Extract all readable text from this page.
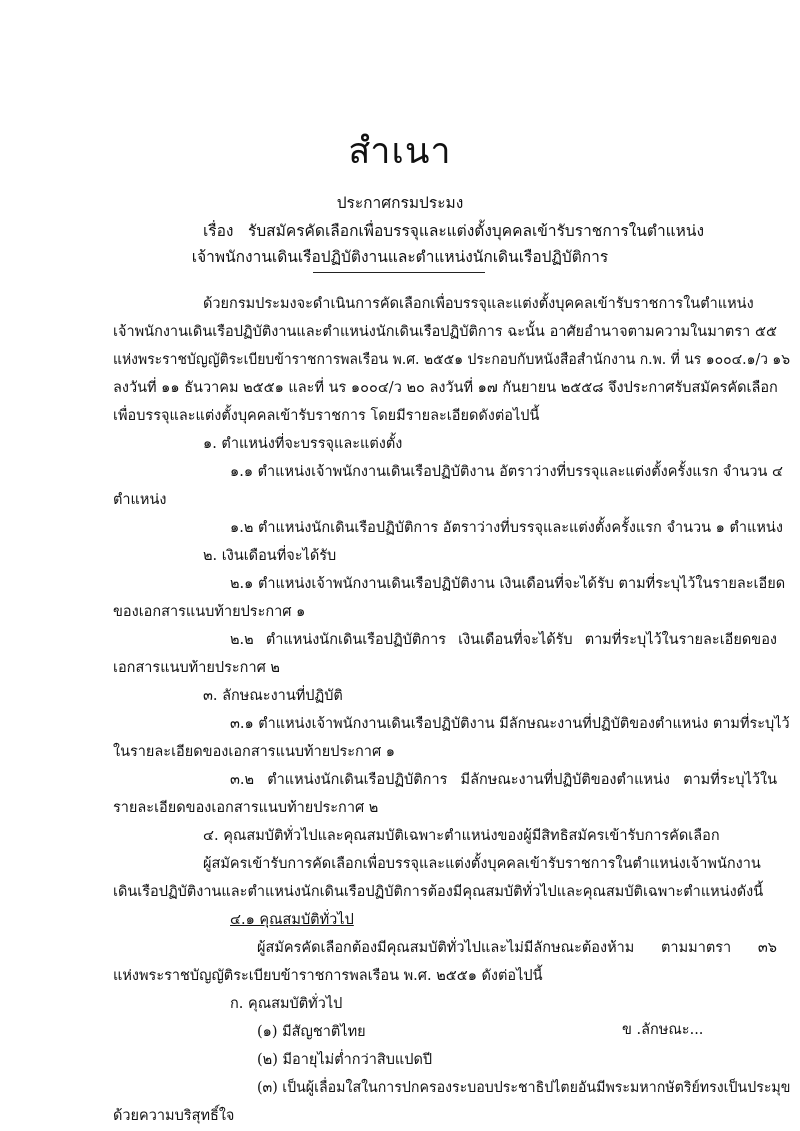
สำเนา
ประกาศกรมประมง
เรื่อง รับสมัครคัดเลือกเพื่อบรรจุและแต่งตั้งบุคคลเข้ารับราชการในตำแหน่ง
เจ้าพนักงานเดินเรือปฏิบัติงานและตำแหน่งนักเดินเรือปฏิบัติการ
ด้วยกรมประมงจะดำเนินการคัดเลือกเพื่อบรรจุและแต่งตั้งบุคคลเข้ารับราชการในตำแหน่ง
เจ้าพนักงานเดินเรือปฏิบัติงานและตำแหน่งนักเดินเรือปฏิบัติการ ฉะนั้น อาศัยอำนาจตามความในมาตรา ๕๕
แห่งพระราชบัญญัติระเบียบข้าราชการพลเรือน พ.ศ. ๒๕๕๑ ประกอบกับหนังสือสำนักงาน ก.พ. ที่ นร ๑๐๐๔.๑/ว ๑๖
ลงวันที่ ๑๑ ธันวาคม ๒๕๕๑ และที่ นร ๑๐๐๔/ว ๒๐ ลงวันที่ ๑๗ กันยายน ๒๕๕๘ จึงประกาศรับสมัครคัดเลือก
เพื่อบรรจุและแต่งตั้งบุคคลเข้ารับราชการ โดยมีรายละเอียดดังต่อไปนี้
๑. ตำแหน่งที่จะบรรจุและแต่งตั้ง
๑.๑ ตำแหน่งเจ้าพนักงานเดินเรือปฏิบัติงาน อัตราว่างที่บรรจุและแต่งตั้งครั้งแรก จำนวน ๔
ตำแหน่ง
๑.๒ ตำแหน่งนักเดินเรือปฏิบัติการ อัตราว่างที่บรรจุและแต่งตั้งครั้งแรก จำนวน ๑ ตำแหน่ง
๒. เงินเดือนที่จะได้รับ
๒.๑ ตำแหน่งเจ้าพนักงานเดินเรือปฏิบัติงาน เงินเดือนที่จะได้รับ ตามที่ระบุไว้ในรายละเอียด
ของเอกสารแนบท้ายประกาศ ๑
๒.๒ ตำแหน่งนักเดินเรือปฏิบัติการ เงินเดือนที่จะได้รับ ตามที่ระบุไว้ในรายละเอียดของ
เอกสารแนบท้ายประกาศ ๒
๓. ลักษณะงานที่ปฏิบัติ
๓.๑ ตำแหน่งเจ้าพนักงานเดินเรือปฏิบัติงาน มีลักษณะงานที่ปฏิบัติของตำแหน่ง ตามที่ระบุไว้
ในรายละเอียดของเอกสารแนบท้ายประกาศ ๑
๓.๒ ตำแหน่งนักเดินเรือปฏิบัติการ มีลักษณะงานที่ปฏิบัติของตำแหน่ง ตามที่ระบุไว้ใน
รายละเอียดของเอกสารแนบท้ายประกาศ ๒
๔. คุณสมบัติทั่วไปและคุณสมบัติเฉพาะตำแหน่งของผู้มีสิทธิสมัครเข้ารับการคัดเลือก
ผู้สมัครเข้ารับการคัดเลือกเพื่อบรรจุและแต่งตั้งบุคคลเข้ารับราชการในตำแหน่งเจ้าพนักงาน
เดินเรือปฏิบัติงานและตำแหน่งนักเดินเรือปฏิบัติการต้องมีคุณสมบัติทั่วไปและคุณสมบัติเฉพาะตำแหน่งดังนี้
๔.๑ คุณสมบัติทั่วไป
ผู้สมัครคัดเลือกต้องมีคุณสมบัติทั่วไปและไม่มีลักษณะต้องห้าม ตามมาตรา ๓๖
แห่งพระราชบัญญัติระเบียบข้าราชการพลเรือน พ.ศ. ๒๕๕๑ ดังต่อไปนี้
ก. คุณสมบัติทั่วไป
(๑) มีสัญชาติไทย
(๒) มีอายุไม่ต่ำกว่าสิบแปดปี
(๓) เป็นผู้เลื่อมใสในการปกครองระบอบประชาธิปไตยอันมีพระมหากษัตริย์ทรงเป็นประมุข
ด้วยความบริสุทธิ์ใจ
ข .ลักษณะ...
